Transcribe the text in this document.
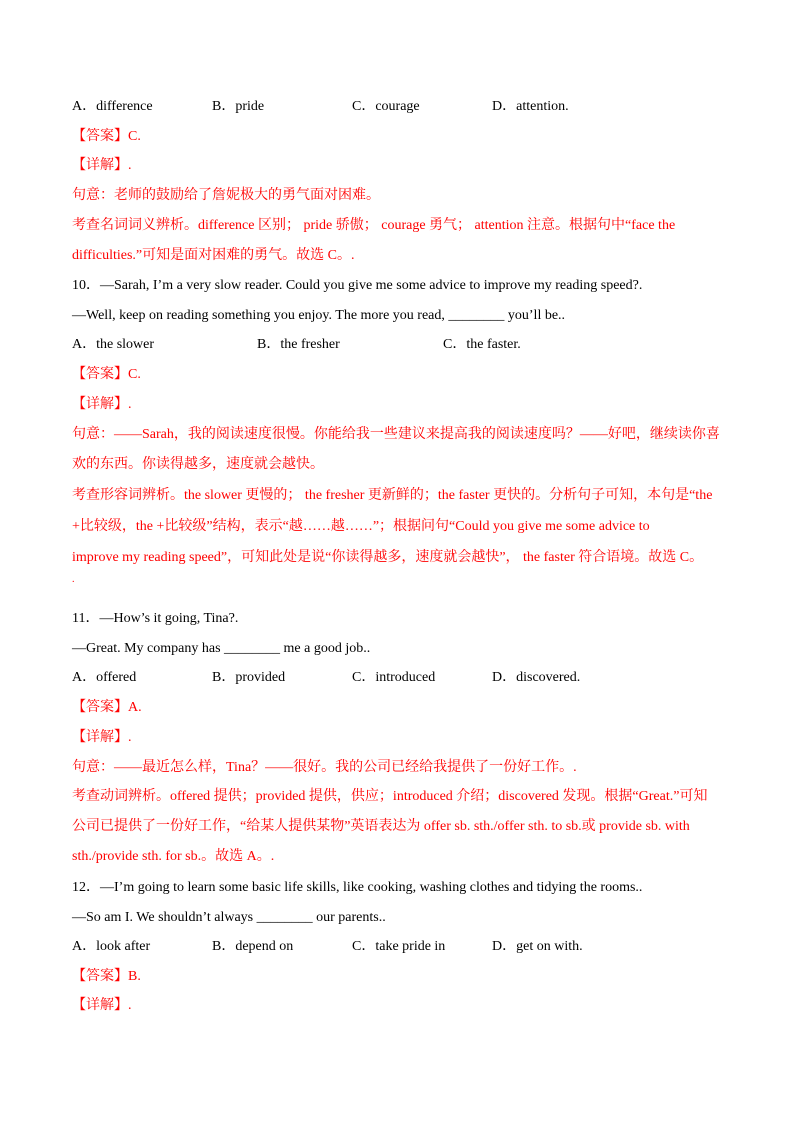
A．difference	B．pride	C．courage	D．attention.
【答案】C.
【详解】.
句意：老师的鼓励给了詹妮极大的勇气面对困难。
考查名词词义辨析。difference 区别； pride 骄傲； courage 勇气； attention 注意。根据句中“face the
difficulties.”可知是面对困难的勇气。故选 C。.
10．—Sarah, I’m a very slow reader. Could you give me some advice to improve my reading speed?.
—Well, keep on reading something you enjoy. The more you read, ________ you’ll be..
A．the slower	B．the fresher	C．the faster.
【答案】C.
【详解】.
句意：——Sarah，我的阅读速度很慢。你能给我一些建议来提高我的阅读速度吗？——好吧，继续读你喜
欢的东西。你读得越多，速度就会越快。
考查形容词辨析。the slower 更慢的； the fresher 更新鲜的；the faster 更快的。分析句子可知，本句是“the
+比较级，the +比较级”结构，表示“越……越……”；根据问句“Could you give me some advice to
improve my reading speed”，可知此处是说“你读得越多，速度就会越快”， the faster 符合语境。故选 C。
.
11．—How’s it going, Tina?.
—Great. My company has ________ me a good job..
A．offered	B．provided	C．introduced	D．discovered.
【答案】A.
【详解】.
句意：——最近怎么样，Tina？——很好。我的公司已经给我提供了一份好工作。.
考查动词辨析。offered 提供；provided 提供，供应；introduced 介绍；discovered 发现。根据“Great.”可知
公司已提供了一份好工作，“给某人提供某物”英语表达为 offer sb. sth./offer sth. to sb.或 provide sb. with
sth./provide sth. for sb.。故选 A。.
12．—I’m going to learn some basic life skills, like cooking, washing clothes and tidying the rooms..
—So am I. We shouldn’t always ________ our parents..
A．look after	B．depend on	C．take pride in	D．get on with.
【答案】B.
【详解】.
